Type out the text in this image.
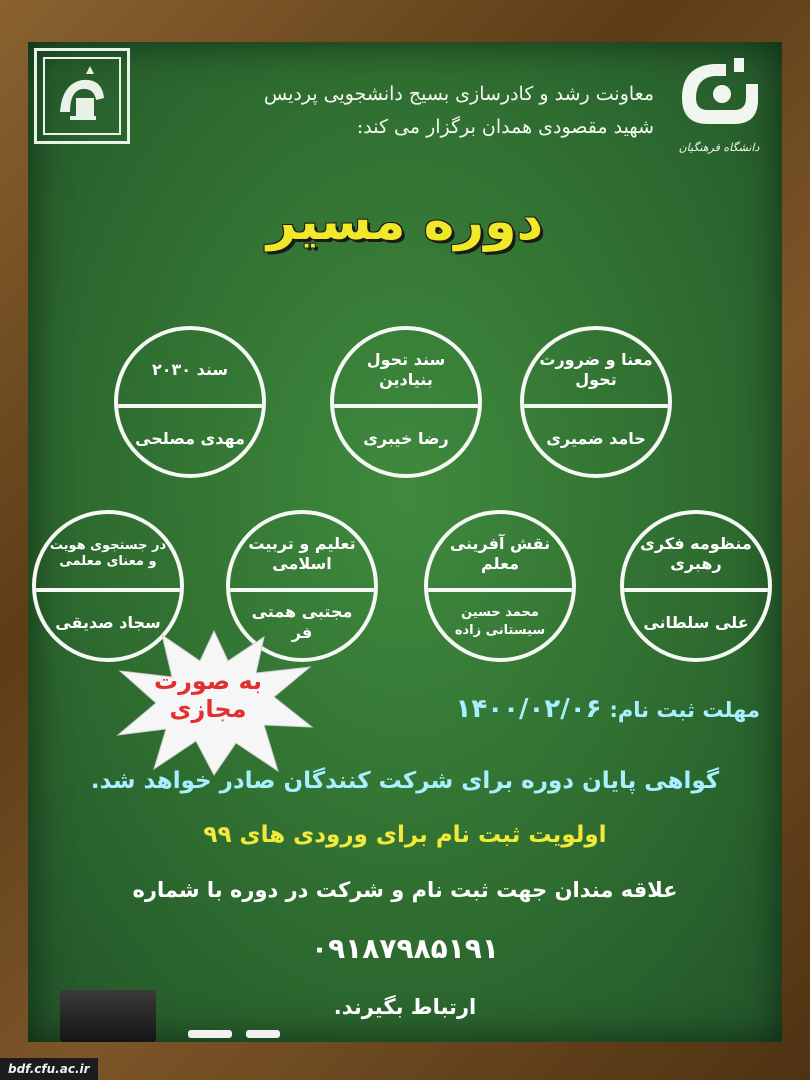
دانشگاه فرهنگیان
معاونت رشد و کادرسازی بسیج دانشجویی پردیس
شهید مقصودی همدان برگزار می کند:
دوره مسیر
معنا و ضرورت تحول
حامد ضمیری
سند تحول بنیادین
رضا خیبری
سند ۲۰۳۰
مهدی مصلحی
منظومه فکری رهبری
علی سلطانی
نقش آفرینی معلم
محمد حسین سیستانی زاده
تعلیم و تربیت اسلامی
مجتبی همتی فر
در جستجوی هویت و معنای معلمی
سجاد صدیقی
به صورت مجازی	مهلت ثبت نام:۱۴۰۰/۰۲/۰۶
گواهی پایان دوره برای شرکت کنندگان صادر خواهد شد.
اولویت ثبت نام برای ورودی های ۹۹
علاقه مندان جهت ثبت نام و شرکت در دوره با شماره
۰۹۱۸۷۹۸۵۱۹۱
ارتباط بگیرند.
bdf.cfu.ac.ir
